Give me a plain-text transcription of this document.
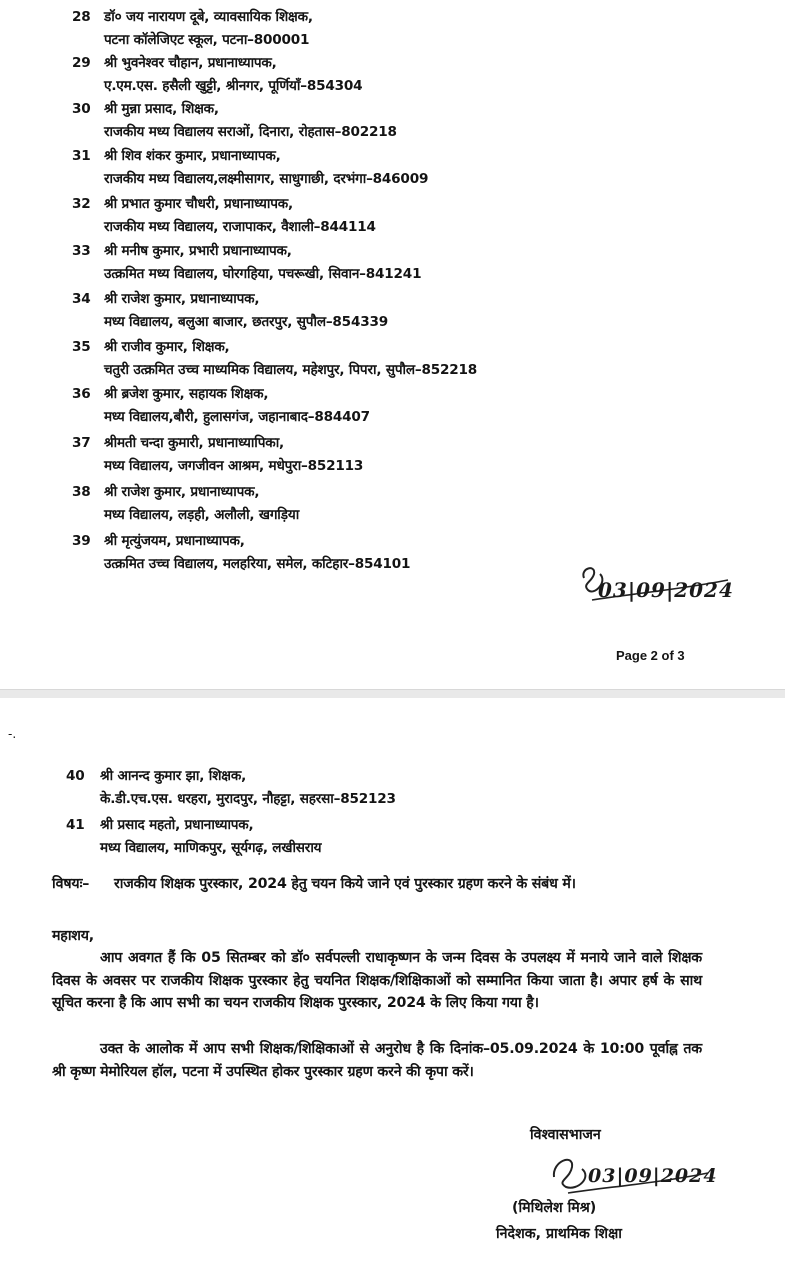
28 डॉ० जय नारायण दूबे, व्यावसायिक शिक्षक,
पटना कॉलेजिएट स्कूल, पटना–800001
29 श्री भुवनेश्वर चौहान, प्रधानाध्यापक,
ए.एम.एस. हसैली खुट्टी, श्रीनगर, पूर्णियाँ–854304
30 श्री मुन्ना प्रसाद, शिक्षक,
राजकीय मध्य विद्यालय सराओं, दिनारा, रोहतास–802218
31 श्री शिव शंकर कुमार, प्रधानाध्यापक,
राजकीय मध्य विद्यालय,लक्ष्मीसागर, साधुगाछी, दरभंगा–846009
32 श्री प्रभात कुमार चौधरी, प्रधानाध्यापक,
राजकीय मध्य विद्यालय, राजापाकर, वैशाली–844114
33 श्री मनीष कुमार, प्रभारी प्रधानाध्यापक,
उत्क्रमित मध्य विद्यालय, घोरगहिया, पचरूखी, सिवान–841241
34 श्री राजेश कुमार, प्रधानाध्यापक,
मध्य विद्यालय, बलुआ बाजार, छतरपुर, सुपौल–854339
35 श्री राजीव कुमार, शिक्षक,
चतुरी उत्क्रमित उच्च माध्यमिक विद्यालय, महेशपुर, पिपरा, सुपौल–852218
36 श्री ब्रजेश कुमार, सहायक शिक्षक,
मध्य विद्यालय,बौरी, हुलासगंज, जहानाबाद–884407
37 श्रीमती चन्दा कुमारी, प्रधानाध्यापिका,
मध्य विद्यालय, जगजीवन आश्रम, मधेपुरा–852113
38 श्री राजेश कुमार, प्रधानाध्यापक,
मध्य विद्यालय, लड़ही, अलौली, खगड़िया
39 श्री मृत्युंजयम, प्रधानाध्यापक,
उत्क्रमित उच्च विद्यालय, मलहरिया, समेल, कटिहार–854101
03|09|2024
Page 2 of 3
-.
40	श्री आनन्द कुमार झा, शिक्षक,
के.डी.एच.एस. धरहरा, मुरादपुर, नौहट्टा, सहरसा–852123
41	श्री प्रसाद महतो, प्रधानाध्यापक,
मध्य विद्यालय, माणिकपुर, सूर्यगढ़, लखीसराय
विषयः– राजकीय शिक्षक पुरस्कार, 2024 हेतु चयन किये जाने एवं पुरस्कार ग्रहण करने के संबंध में।
महाशय,
आप अवगत हैं कि 05 सितम्बर को डॉ० सर्वपल्ली राधाकृष्णन के जन्म दिवस के उपलक्ष्य में मनाये जाने वाले शिक्षक दिवस के अवसर पर राजकीय शिक्षक पुरस्कार हेतु चयनित शिक्षक/शिक्षिकाओं को सम्मानित किया जाता है। अपार हर्ष के साथ सूचित करना है कि आप सभी का चयन राजकीय शिक्षक पुरस्कार, 2024 के लिए किया गया है।
उक्त के आलोक में आप सभी शिक्षक/शिक्षिकाओं से अनुरोध है कि दिनांक–05.09.2024 के 10:00 पूर्वाह्न तक श्री कृष्ण मेमोरियल हॉल, पटना में उपस्थित होकर पुरस्कार ग्रहण करने की कृपा करें।
विश्वासभाजन
03|09|2024
(मिथिलेश मिश्र)
निदेशक, प्राथमिक शिक्षा
